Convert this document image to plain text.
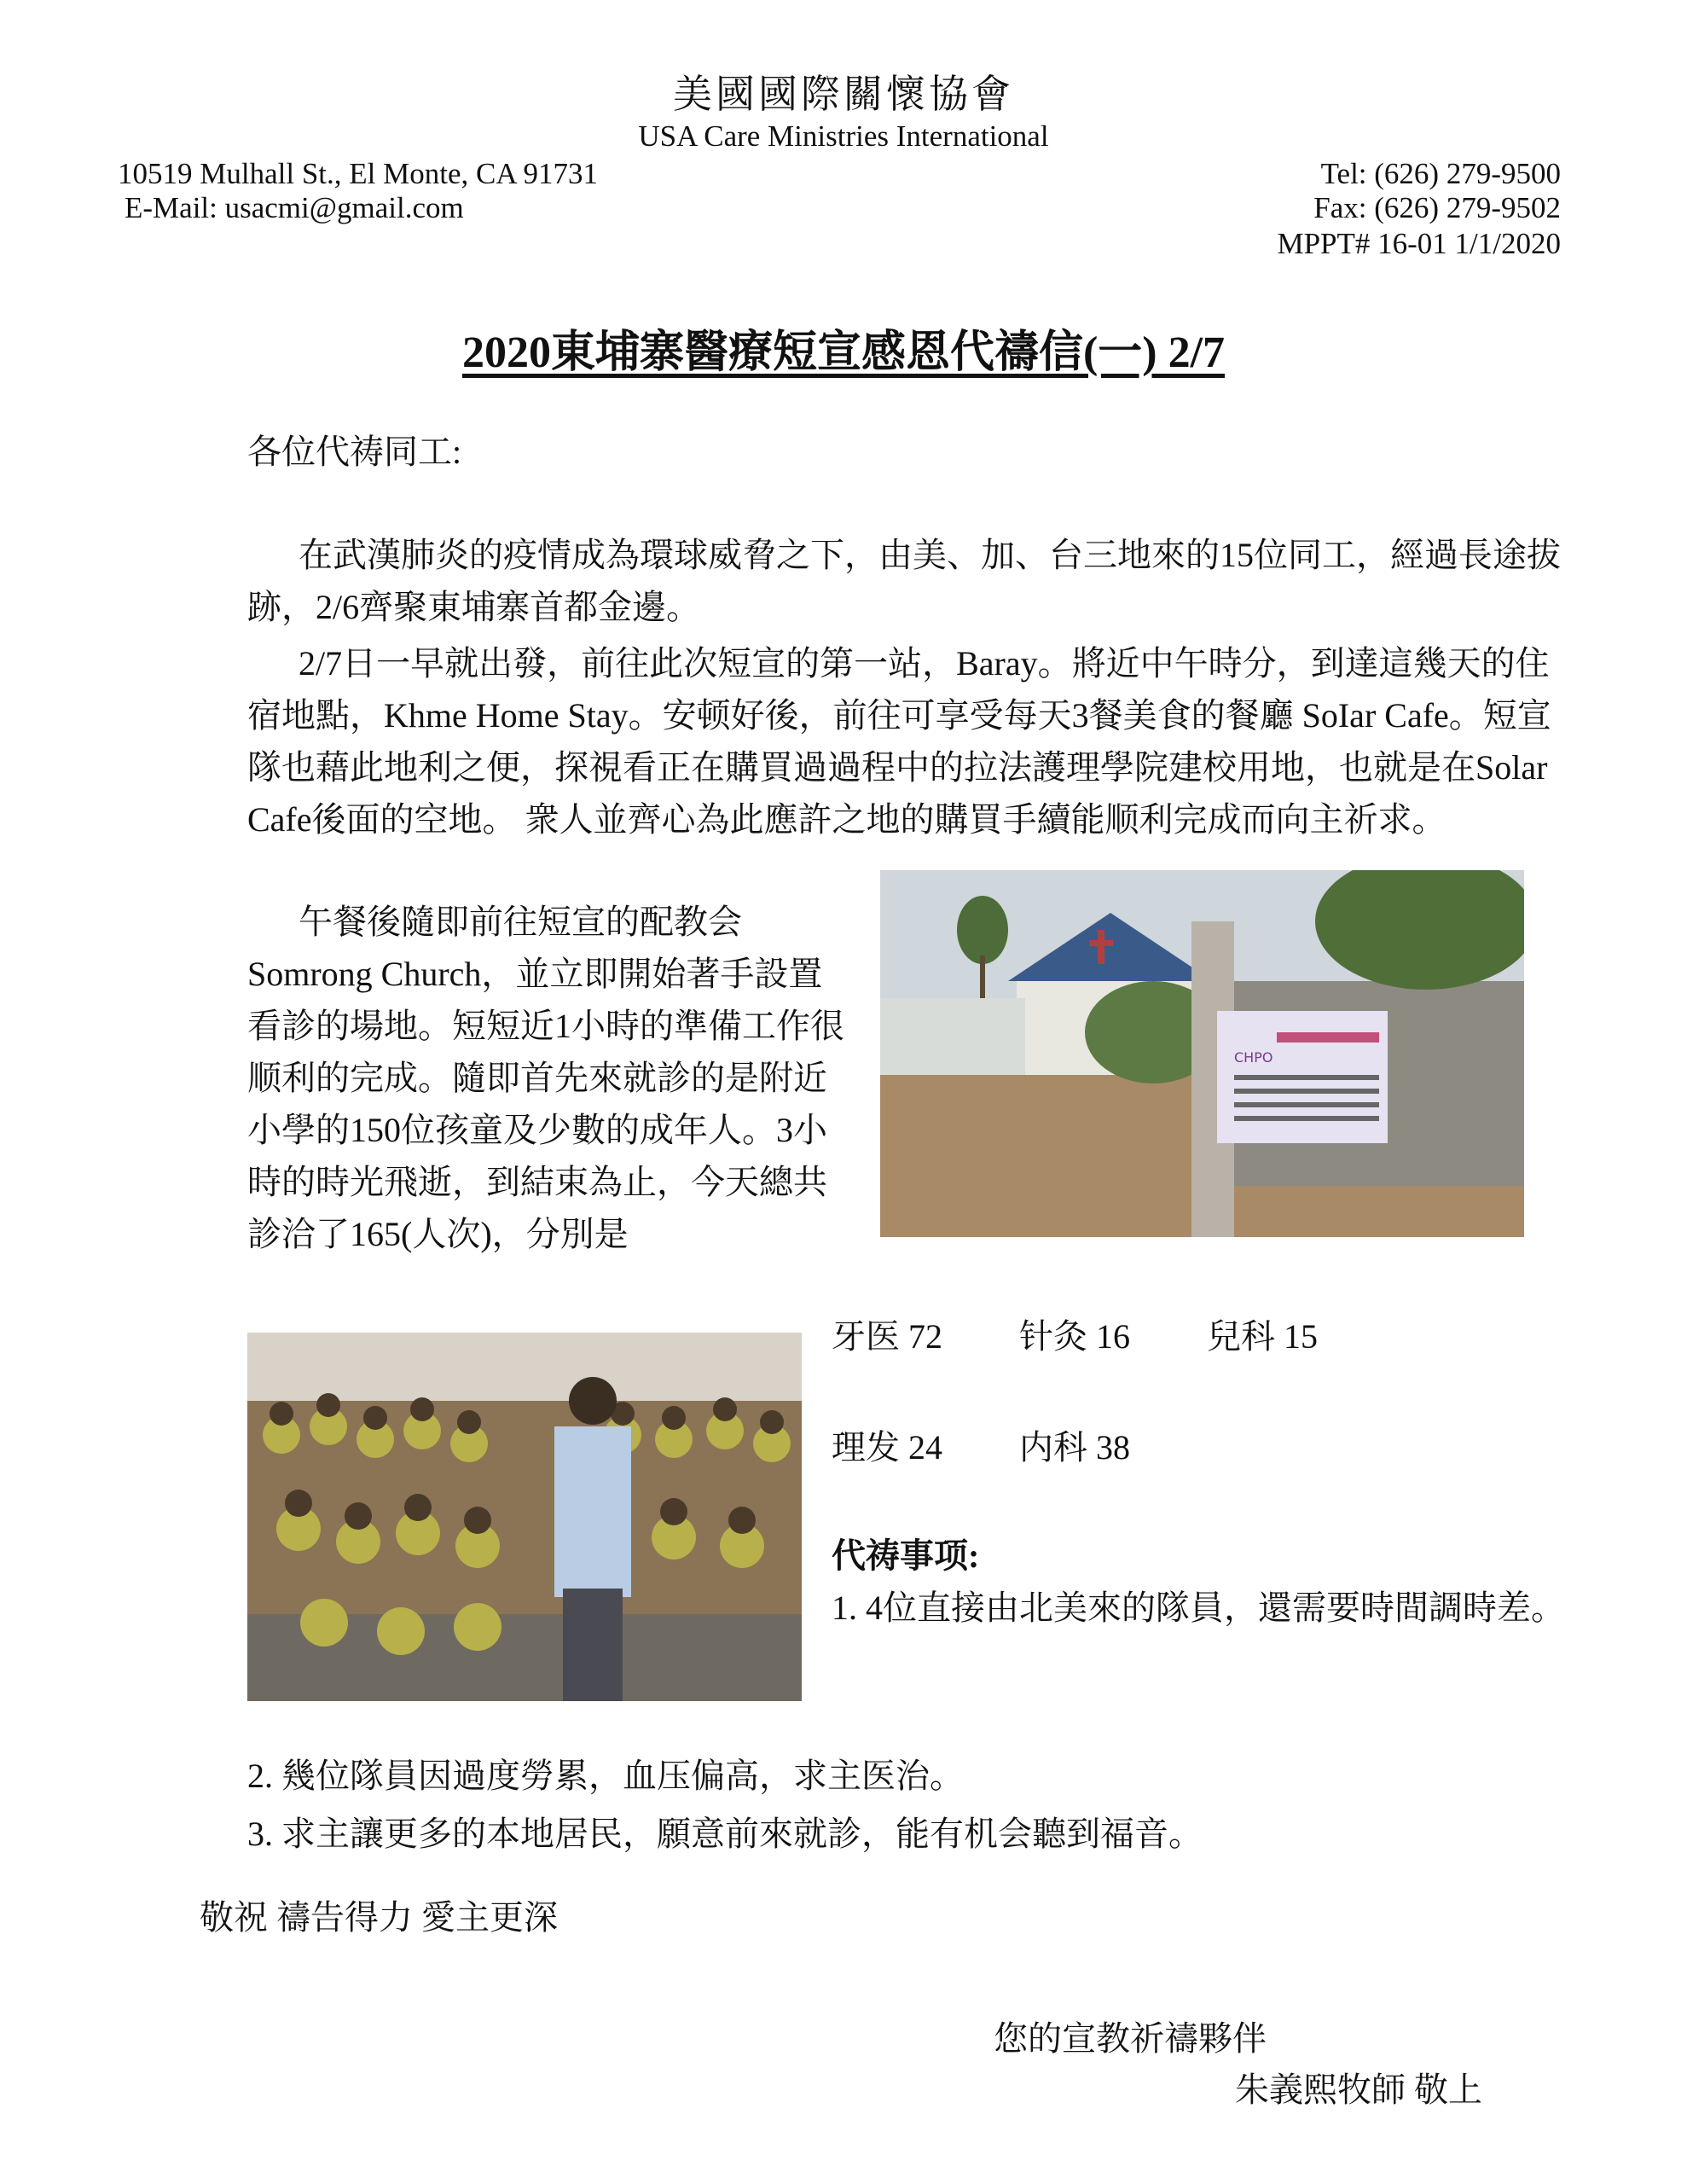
美國國際關懷協會
USA Care Ministries International
10519 Mulhall St., El Monte, CA 91731
E-Mail: usacmi@gmail.com
Tel: (626) 279-9500
Fax: (626) 279-9502
MPPT# 16-01 1/1/2020
2020東埔寨醫療短宣感恩代禱信(一) 2/7
各位代祷同工:
在武漢肺炎的疫情成為環球威脅之下，由美、加、台三地來的15位同工，經過長途拔跡，2/6齊聚東埔寨首都金邊。
2/7日一早就出發，前往此次短宣的第一站，Baray。將近中午時分，到達這幾天的住宿地點，Khme Home Stay。安顿好後，前往可享受每天3餐美食的餐廳 SoIar Cafe。短宣隊也藉此地利之便，探視看正在購買過過程中的拉法護理學院建校用地，也就是在Solar Cafe後面的空地。 衆人並齊心為此應許之地的購買手續能顺利完成而向主祈求。
午餐後隨即前往短宣的配教会Somrong Church，並立即開始著手設置看診的場地。短短近1小時的準備工作很顺利的完成。隨即首先來就診的是附近小學的150位孩童及少數的成年人。3小時的時光飛逝，到結束為止，今天總共診洽了165(人次)，分別是
CHPO
牙医 72 针灸 16 兒科 15
理发 24 内科 38
代祷事项:
1. 4位直接由北美來的隊員，還需要時間調時差。
2. 幾位隊員因過度勞累，血压偏高，求主医治。
3. 求主讓更多的本地居民，願意前來就診，能有机会聽到福音。
敬祝 禱告得力 愛主更深
您的宣教祈禱夥伴
朱義熙牧師 敬上
